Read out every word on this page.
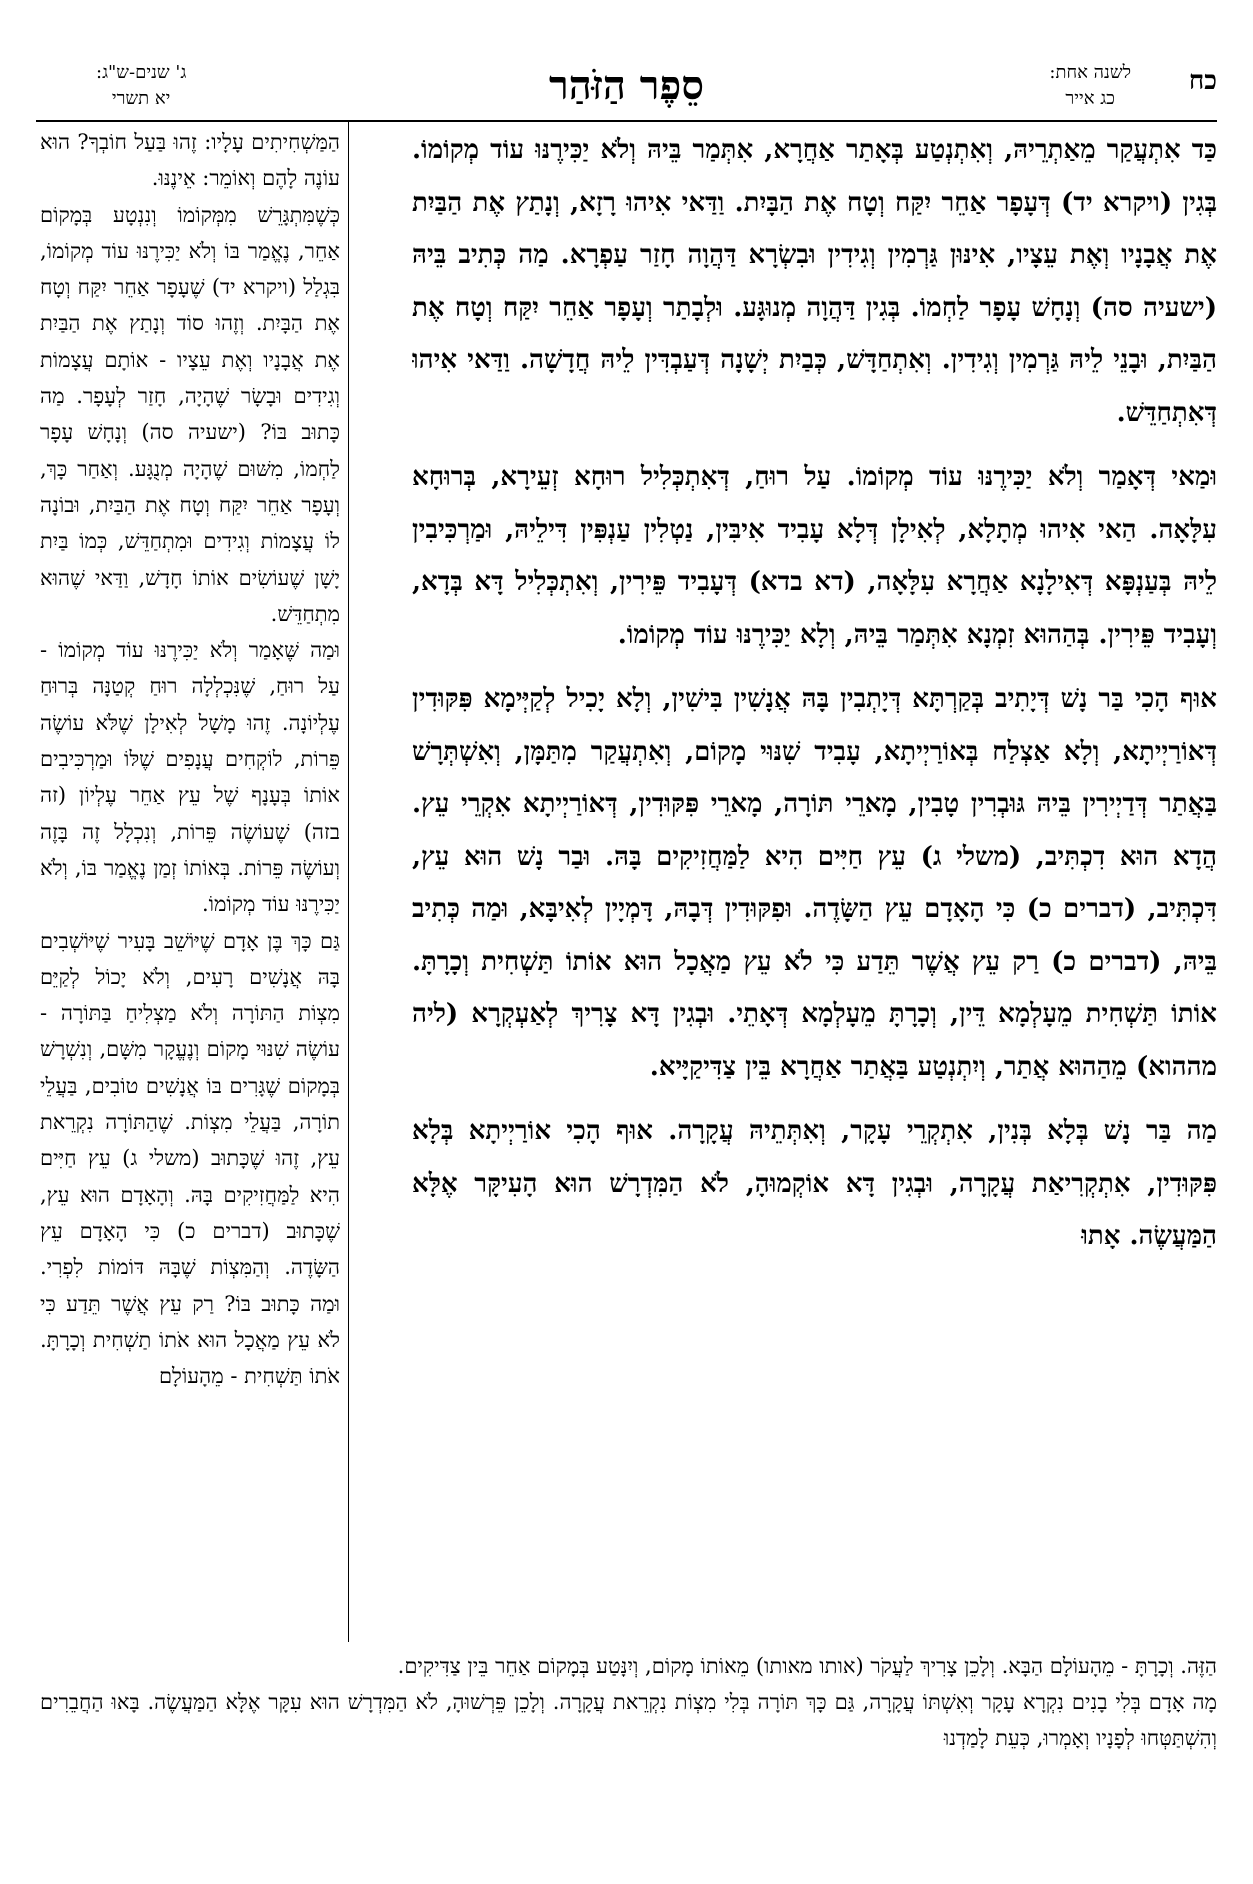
כח
לשנה אחת:
כג אייר
סֵפֶר הַזֹּהַר
ג' שנים-ש"ג:
יא תשרי

כַּד אִתְעֲקַר מֵאַתְרֵיהּ, וְאִתְנְטַע בְּאָתַר אַחֲרָא, אִתְּמַר בֵּיהּ וְלֹא יַכִּירֶנּוּ עוֹד מְקוֹמוֹ. בְּגִין (ויקרא יד) דְּעָפָר אַחֵר יִקַּח וְטָח אֶת הַבָּיִת. וַדַּאי אִיהוּ רָזָא, וְנָתַץ אֶת הַבַּיִת אֶת אֲבָנָיו וְאֶת עֵצָיו, אִינּוּן גַּרְמִין וְגִידִין וּבִשְׂרָא דַּהֲוָה חָזַר עַפְרָא. מַה כְּתִיב בֵּיהּ (ישעיה סה) וְנָחָשׁ עָפָר לַחְמוֹ. בְּגִין דַּהֲוָה מְנוּגָּע. וּלְבָתַר וְעָפָר אַחֵר יִקַּח וְטָח אֶת הַבַּיִת, וּבָנֵי לֵיהּ גַּרְמִין וְגִידִין. וְאִתְחַדָּשׁ, כְּבַיִת יְשָׁנָה דְּעַבְדִּין לֵיהּ חֲדָשָׁה. וַדַּאי אִיהוּ דְּאִתְחַדֵּשׁ.

וּמַאי דְּאָמַר וְלֹא יַכִּירֶנּוּ עוֹד מְקוֹמוֹ. עַל רוּחַ, דְּאִתְכְּלִיל רוּחָא זְעֵירָא, בְּרוּחָא עִלָּאָה. הַאי אִיהוּ מְתָלָא, לְאִילָן דְּלָא עָבִיד אִיבִּין, נַטְלִין עַנְפִּין דִּילֵיהּ, וּמַרְכִּיבִין לֵיהּ בְּעַנְפָּא דְּאִילָנָא אַחֲרָא עִלָּאָה, (דא בדא) דְּעָבִיד פֵּירִין, וְאִתְכְּלִיל דָּא בְּדָא, וְעָבִיד פֵּירִין. בְּהַהוּא זִמְנָא אִתְּמַר בֵּיהּ, וְלָא יַכִּירֶנּוּ עוֹד מְקוֹמוֹ.

אוּף הָכִי בַּר נָשׁ דְּיָתִיב בְּקַרְתָּא דְּיָתְבִין בָּהּ אֲנָשִׁין בִּישִׁין, וְלָא יָכִיל לְקַיְּימָא פִּקּוּדִין דְּאוֹרַיְיתָא, וְלָא אַצְלַח בְּאוֹרַיְיתָא, עָבִיד שִׁנּוּי מָקוֹם, וְאִתְעֲקַר מִתַּמָּן, וְאִשְׁתְּרָשׁ בַּאֲתַר דְּדַיְירִין בֵּיהּ גּוּבְרִין טָבִין, מָארֵי תּוֹרָה, מָארֵי פִּקּוּדִין, דְּאוֹרַיְיתָא אִקְרֵי עֵץ. הֲדָא הוּא דִכְתִּיב, (משלי ג) עֵץ חַיִּים הִיא לַמַּחֲזִיקִים בָּהּ. וּבַר נָשׁ הוּא עֵץ, דִּכְתִּיב, (דברים כ) כִּי הָאָדָם עֵץ הַשָּׂדֶה. וּפִקּוּדִין דְּבָהּ, דָּמְיָין לְאִיבָּא, וּמַה כְּתִיב בֵּיהּ, (דברים כ) רַק עֵץ אֲשֶׁר תֵּדַע כִּי לֹא עֵץ מַאֲכָל הוּא אוֹתוֹ תַּשְׁחִית וְכָרָתָּ. אוֹתוֹ תַּשְׁחִית מֵעָלְמָא דֵּין, וְכָרָתָּ מֵעָלְמָא דְּאָתֵי. וּבְגִין דָּא צָרִיךְ לְאַעְקְרָא (ליה מההוא) מֵהַהוּא אֲתַר, וְיִתְנְטַע בַּאֲתַר אַחֲרָא בֵּין צַדִּיקַיָּיא.

מַה בַּר נָשׁ בְּלָא בְּנִין, אִתְקְרֵי עָקָר, וְאִתְּתֵיהּ עֲקָרָה. אוּף הָכִי אוֹרַיְיתָא בְּלָא פִּקּוּדִין, אִתְקְרִיאַת עֲקָרָה, וּבְגִין דָּא אוֹקְמוּהָ, לֹא הַמִּדְרָשׁ הוּא הָעִיקָּר אֶלָּא הַמַּעֲשֶׂה. אָתוּ

הַמַּשְׁחִיתִים עָלָיו: זֶהוּ בַּעַל חוֹבְךָ? הוּא עוֹנֶה לָהֶם וְאוֹמֵר: אֵינֶנּוּ.

כְּשֶׁמִּתְגָּרֵשׁ מִמְּקוֹמוֹ וְנִנְטָע בְּמָקוֹם אַחֵר, נֶאֱמַר בּוֹ וְלֹא יַכִּירֶנּוּ עוֹד מְקוֹמוֹ, בִּגְלַל (ויקרא יד) שֶׁעָפָר אַחֵר יִקַּח וְטָח אֶת הַבָּיִת. וְזֶהוּ סוֹד וְנָתַץ אֶת הַבַּיִת אֶת אֲבָנָיו וְאֶת עֵצָיו - אוֹתָם עֲצָמוֹת וְגִידִים וּבָשָׂר שֶׁהָיָה, חָזַר לְעָפָר. מַה כָּתוּב בּוֹ? (ישעיה סה) וְנָחָשׁ עָפָר לַחְמוֹ, מִשּׁוּם שֶׁהָיָה מְנֻגָּע. וְאַחַר כָּךְ, וְעָפָר אַחֵר יִקַּח וְטָח אֶת הַבַּיִת, וּבוֹנָה לוֹ עֲצָמוֹת וְגִידִים וּמִתְחַדֵּשׁ, כְּמוֹ בַּיִת יָשָׁן שֶׁעוֹשִׂים אוֹתוֹ חָדָשׁ, וַדַּאי שֶׁהוּא מִתְחַדֵּשׁ.

וּמַה שֶּׁאָמַר וְלֹא יַכִּירֶנּוּ עוֹד מְקוֹמוֹ - עַל רוּחַ, שֶׁנִּכְלְלָה רוּחַ קְטַנָּה בְּרוּחַ עֶלְיוֹנָה. זֶהוּ מָשָׁל לְאִילָן שֶׁלֹּא עוֹשֶׂה פֵּרוֹת, לוֹקְחִים עֲנָפִים שֶׁלּוֹ וּמַרְכִּיבִים אוֹתוֹ בְּעָנָף שֶׁל עֵץ אַחֵר עֶלְיוֹן (זה בזה) שֶׁעוֹשֶׂה פֵּרוֹת, וְנִכְלָל זֶה בָּזֶה וְעוֹשֶׂה פֵּרוֹת. בְּאוֹתוֹ זְמַן נֶאֱמַר בּוֹ, וְלֹא יַכִּירֶנּוּ עוֹד מְקוֹמוֹ.

גַּם כָּךְ בֶּן אָדָם שֶׁיּוֹשֵׁב בָּעִיר שֶׁיּוֹשְׁבִים בָּהּ אֲנָשִׁים רָעִים, וְלֹא יָכוֹל לְקַיֵּם מִצְוֹת הַתּוֹרָה וְלֹא מַצְלִיחַ בַּתּוֹרָה - עוֹשֶׂה שִׁנּוּי מָקוֹם וְנֶעֱקָר מִשָּׁם, וְנִשְׁרָשׁ בְּמָקוֹם שֶׁגָּרִים בּוֹ אֲנָשִׁים טוֹבִים, בַּעֲלֵי תוֹרָה, בַּעֲלֵי מִצְוֹת. שֶׁהַתּוֹרָה נִקְרֵאת עֵץ, זֶהוּ שֶׁכָּתוּב (משלי ג) עֵץ חַיִּים הִיא לַמַּחֲזִיקִים בָּהּ. וְהָאָדָם הוּא עֵץ, שֶׁכָּתוּב (דברים כ) כִּי הָאָדָם עֵץ הַשָּׂדֶה. וְהַמִּצְוֹת שֶׁבָּהּ דּוֹמוֹת לִפְרִי. וּמַה כָּתוּב בּוֹ? רַק עֵץ אֲשֶׁר תֵּדַע כִּי לֹא עֵץ מַאֲכָל הוּא אֹתוֹ תַשְׁחִית וְכָרָתָּ. אֹתוֹ תַּשְׁחִית - מֵהָעוֹלָם

הַזֶּה. וְכָרָתָּ - מֵהָעוֹלָם הַבָּא. וְלָכֵן צָרִיךְ לַעֲקֹר (אותו מאותו) מֵאוֹתוֹ מָקוֹם, וְיִנָּטַע בְּמָקוֹם אַחֵר בֵּין צַדִּיקִים.

מָה אָדָם בְּלִי בָנִים נִקְרָא עָקָר וְאִשְׁתּוֹ עֲקָרָה, גַּם כָּךְ תּוֹרָה בְּלִי מִצְוֹת נִקְרֵאת עֲקָרָה. וְלָכֵן פֵּרְשׁוּהָ, לֹא הַמִּדְרָשׁ הוּא עִקָּר אֶלָּא הַמַּעֲשֶׂה. בָּאוּ הַחֲבֵרִים וְהִשְׁתַּטְּחוּ לְפָנָיו וְאָמְרוּ, כְּעֵת לָמַדְנוּ
